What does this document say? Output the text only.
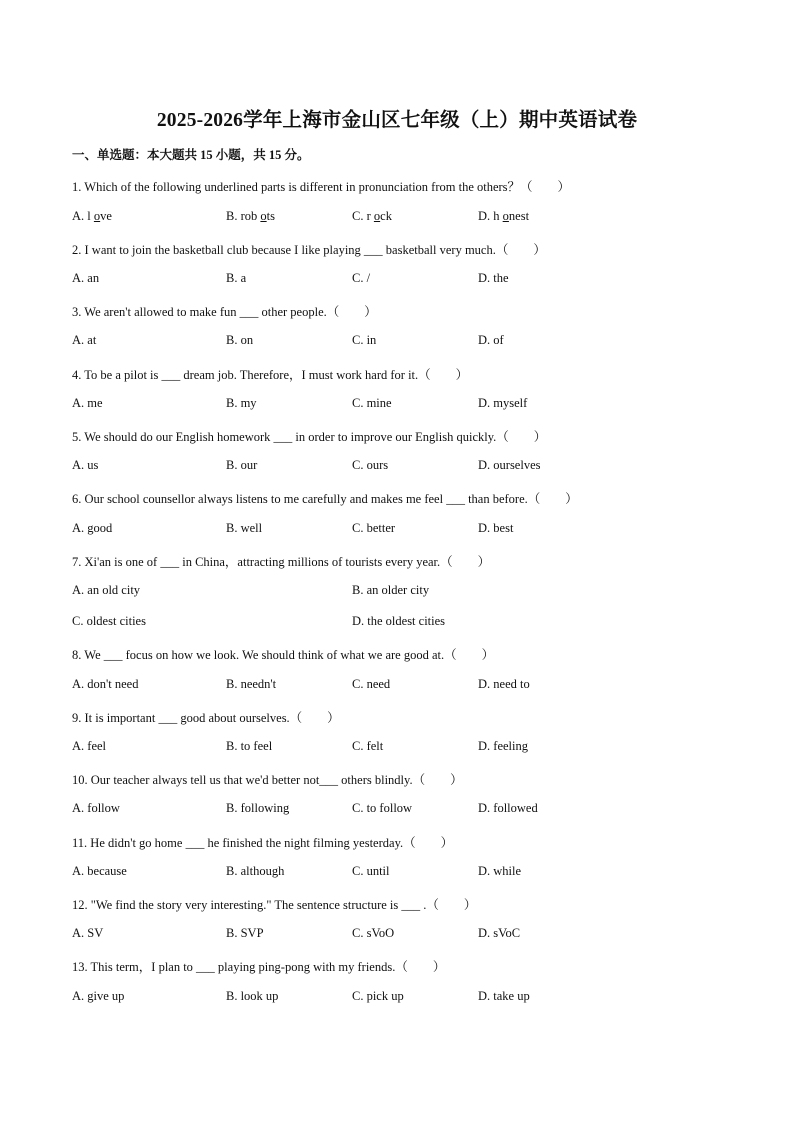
2025-2026学年上海市金山区七年级（上）期中英语试卷
一、单选题：本大题共 15 小题，共 15 分。
1. Which of the following underlined parts is different in pronunciation from the others？（　　）
A. l ove	B. rob ots	C. r ock	D. h onest
2. I want to join the basketball club because I like playing ___ basketball very much.（　　）
A. an	B. a	C. /	D. the
3. We aren't allowed to make fun ___ other people.（　　）
A. at	B. on	C. in	D. of
4. To be a pilot is ___ dream job. Therefore，I must work hard for it.（　　）
A. me	B. my	C. mine	D. myself
5. We should do our English homework ___ in order to improve our English quickly.（　　）
A. us	B. our	C. ours	D. ourselves
6. Our school counsellor always listens to me carefully and makes me feel ___ than before.（　　）
A. good	B. well	C. better	D. best
7. Xi'an is one of ___ in China，attracting millions of tourists every year.（　　）
A. an old city	B. an older city
C. oldest cities	D. the oldest cities
8. We ___ focus on how we look. We should think of what we are good at.（　　）
A. don't need	B. needn't	C. need	D. need to
9. It is important ___ good about ourselves.（　　）
A. feel	B. to feel	C. felt	D. feeling
10. Our teacher always tell us that we'd better not___ others blindly.（　　）
A. follow	B. following	C. to follow	D. followed
11. He didn't go home ___ he finished the night filming yesterday.（　　）
A. because	B. although	C. until	D. while
12. "We find the story very interesting." The sentence structure is ___ .（　　）
A. SV	B. SVP	C. sVoO	D. sVoC
13. This term，I plan to ___ playing ping-pong with my friends.（　　）
A. give up	B. look up	C. pick up	D. take up
